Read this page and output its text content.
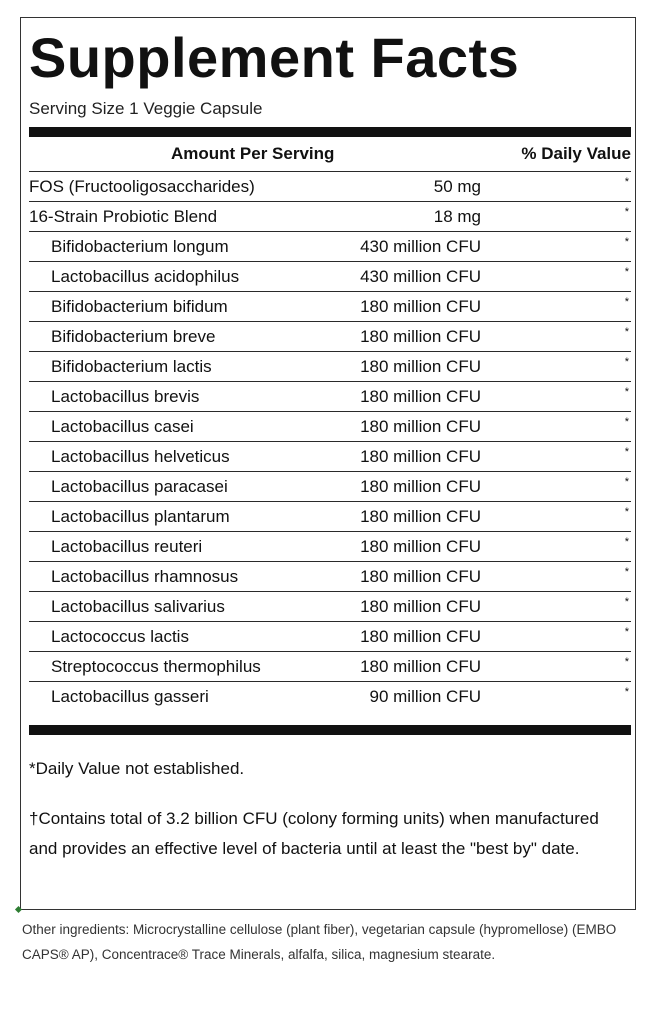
Supplement Facts
Serving Size 1 Veggie Capsule
Amount Per Serving	% Daily Value
FOS (Fructooligosaccharides)	50 mg	*
16-Strain Probiotic Blend	18 mg	*
Bifidobacterium longum	430 million CFU	*
Lactobacillus acidophilus	430 million CFU	*
Bifidobacterium bifidum	180 million CFU	*
Bifidobacterium breve	180 million CFU	*
Bifidobacterium lactis	180 million CFU	*
Lactobacillus brevis	180 million CFU	*
Lactobacillus casei	180 million CFU	*
Lactobacillus helveticus	180 million CFU	*
Lactobacillus paracasei	180 million CFU	*
Lactobacillus plantarum	180 million CFU	*
Lactobacillus reuteri	180 million CFU	*
Lactobacillus rhamnosus	180 million CFU	*
Lactobacillus salivarius	180 million CFU	*
Lactococcus lactis	180 million CFU	*
Streptococcus thermophilus	180 million CFU	*
Lactobacillus gasseri	90 million CFU	*
*Daily Value not established.

†Contains total of 3.2 billion CFU (colony forming units) when manufactured and provides an effective level of bacteria until at least the "best by" date.

Other ingredients: Microcrystalline cellulose (plant fiber), vegetarian capsule (hypromellose) (EMBO CAPS® AP), Concentrace® Trace Minerals, alfalfa, silica, magnesium stearate.
